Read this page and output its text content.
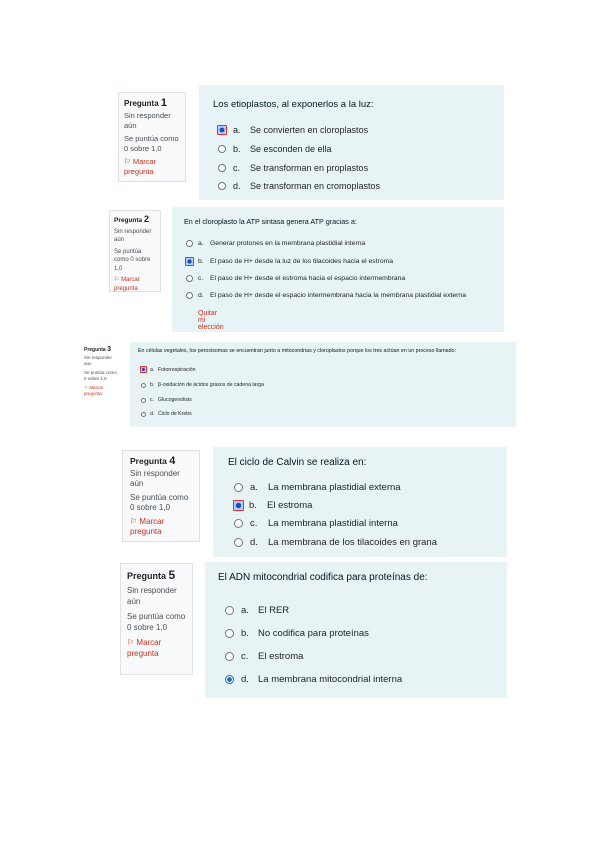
Pregunta 1
Sin responder aún
Se puntúa como 0 sobre 1,0
⚐ Marcar pregunta
Los etioplastos, al exponerlos a la luz:
a.	Se convierten en cloroplastos
b.	Se esconden de ella
c.	Se transforman en proplastos
d.	Se transforman en cromoplastos
Pregunta 2
Sin responder aún
Se puntúa como 0 sobre 1,0
⚐ Marcar pregunta
En el cloroplasto la ATP sintasa genera ATP gracias a:
a. Generar protones en la membrana plastidial interna
b. El paso de H+ desde la luz de los tilacoides hacia el estroma
c. El paso de H+ desde el estroma hacia el espacio intermembrana
d. El paso de H+ desde el espacio intermembrana hacia la membrana plastidial externa
Quitar mi elección
Pregunta 3
Sin responder aún
Se puntúa como 0 sobre 1,0
⚐ Marcar pregunta
En células vegetales, los peroxisomas se encuentran junto a mitocondrias y cloroplastos porque los tres actúan en un proceso llamado:
a. Fotorrespiración
b. β-oxidación de ácidos grasos de cadena larga
c. Glucogenolisis
d. Ciclo de Krebs
Pregunta 4
Sin responder aún
Se puntúa como 0 sobre 1,0
⚐ Marcar pregunta
El ciclo de Calvin se realiza en:
a.	La membrana plastidial externa
b.	El estroma
c.	La membrana plastidial interna
d.	La membrana de los tilacoides en grana
Pregunta 5
Sin responder aún
Se puntúa como 0 sobre 1,0
⚐ Marcar pregunta
El ADN mitocondrial codifica para proteínas de:
a. El RER
b. No codifica para proteínas
c.	El estroma
d. La membrana mitocondrial interna
